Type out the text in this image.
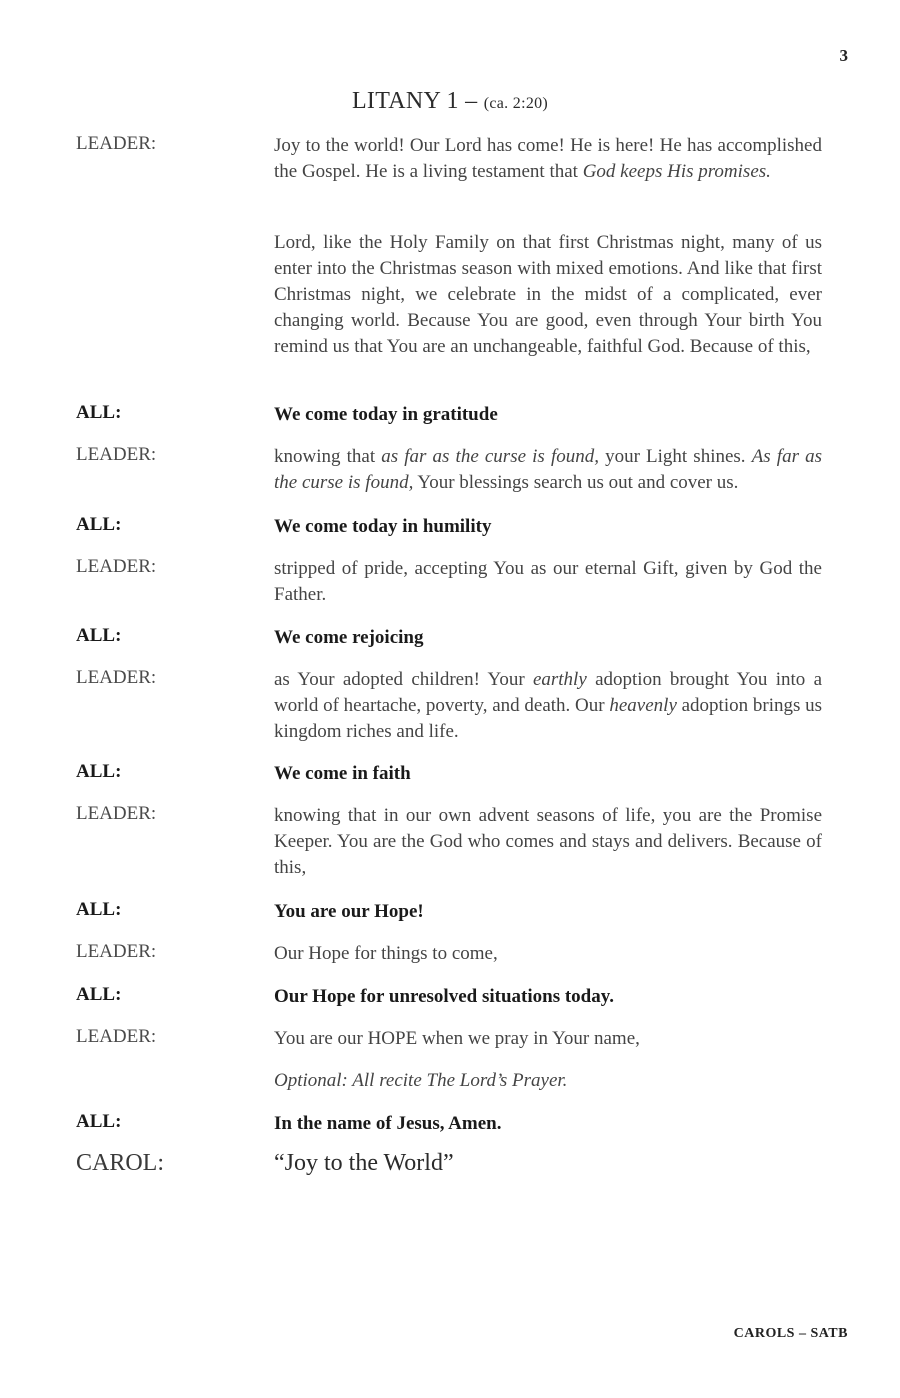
3
LITANY 1 – (ca. 2:20)
LEADER:	Joy to the world! Our Lord has come! He is here! He has accomplished the Gospel. He is a living testament that God keeps His promises.
Lord, like the Holy Family on that first Christmas night, many of us enter into the Christmas season with mixed emotions. And like that first Christmas night, we celebrate in the midst of a complicated, ever changing world. Because You are good, even through Your birth You remind us that You are an unchangeable, faithful God. Because of this,
ALL:	We come today in gratitude
LEADER:	knowing that as far as the curse is found, your Light shines. As far as the curse is found, Your blessings search us out and cover us.
ALL:	We come today in humility
LEADER:	stripped of pride, accepting You as our eternal Gift, given by God the Father.
ALL:	We come rejoicing
LEADER:	as Your adopted children! Your earthly adoption brought You into a world of heartache, poverty, and death. Our heavenly adoption brings us kingdom riches and life.
ALL:	We come in faith
LEADER:	knowing that in our own advent seasons of life, you are the Promise Keeper. You are the God who comes and stays and delivers. Because of this,
ALL:	You are our Hope!
LEADER:	Our Hope for things to come,
ALL:	Our Hope for unresolved situations today.
LEADER:	You are our HOPE when we pray in Your name,
Optional: All recite The Lord’s Prayer.
ALL:	In the name of Jesus, Amen.
CAROL:	“Joy to the World”
CAROLS – SATB
